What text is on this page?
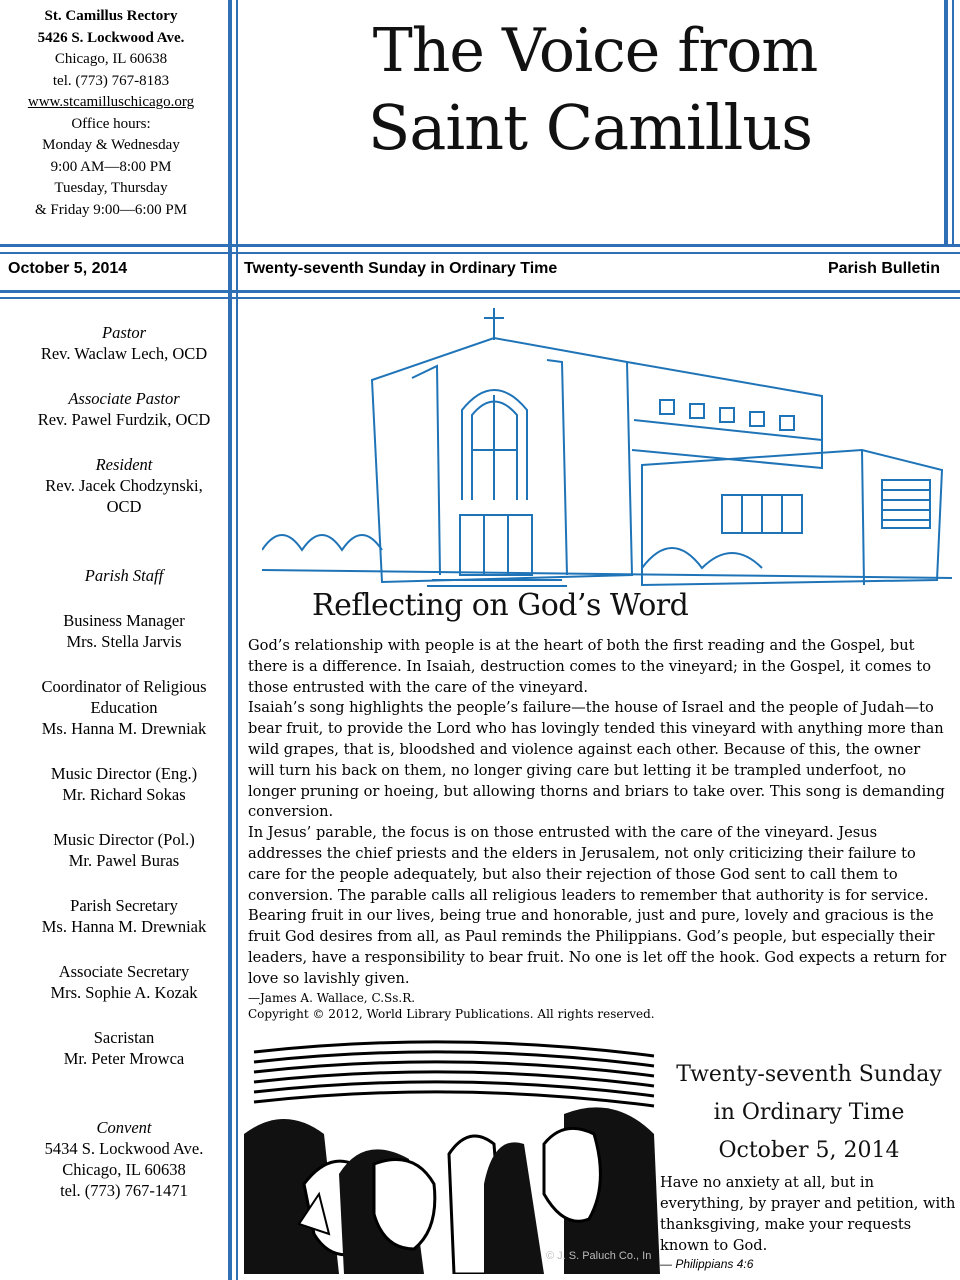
St. Camillus Rectory
5426 S. Lockwood Ave.
Chicago, IL 60638
tel. (773) 767-8183
www.stcamilluschicago.org
Office hours:
Monday & Wednesday
9:00 AM—8:00 PM
Tuesday, Thursday
& Friday 9:00—6:00 PM
The Voice from
Saint Camillus
October 5, 2014	Twenty-seventh Sunday in Ordinary Time	Parish Bulletin
Pastor
Rev. Waclaw Lech, OCD
Associate Pastor
Rev. Pawel Furdzik, OCD
Resident
Rev. Jacek Chodzynski, OCD
Parish Staff
Business Manager
Mrs. Stella Jarvis
Coordinator of Religious Education
Ms. Hanna M. Drewniak
Music Director (Eng.)
Mr. Richard Sokas
Music Director (Pol.)
Mr. Pawel Buras
Parish Secretary
Ms. Hanna M. Drewniak
Associate Secretary
Mrs. Sophie A. Kozak
Sacristan
Mr. Peter Mrowca
Convent
5434 S. Lockwood Ave.
Chicago, IL 60638
tel. (773) 767-1471
Reflecting on God’s Word

God’s relationship with people is at the heart of both the first reading and the Gospel, but there is a difference. In Isaiah, destruction comes to the vineyard; in the Gospel, it comes to those entrusted with the care of the vineyard.

Isaiah’s song highlights the people’s failure—the house of Israel and the people of Judah—to bear fruit, to provide the Lord who has lovingly tended this vineyard with anything more than wild grapes, that is, bloodshed and violence against each other. Because of this, the owner will turn his back on them, no longer giving care but letting it be trampled underfoot, no longer pruning or hoeing, but allowing thorns and briars to take over. This song is demanding conversion.

In Jesus’ parable, the focus is on those entrusted with the care of the vineyard. Jesus addresses the chief priests and the elders in Jerusalem, not only criticizing their failure to care for the people adequately, but also their rejection of those God sent to call them to conversion. The parable calls all religious leaders to remember that authority is for service.

Bearing fruit in our lives, being true and honorable, just and pure, lovely and gracious is the fruit God desires from all, as Paul reminds the Philippians. God’s people, but especially their leaders, have a responsibility to bear fruit. No one is let off the hook. God expects a return for love so lavishly given.

—James A. Wallace, C.Ss.R.

Copyright © 2012, World Library Publications. All rights reserved.

© J. S. Paluch Co., In
Twenty-seventh Sunday
in Ordinary Time
October 5, 2014
Have no anxiety at all, but in everything, by prayer and petition, with thanksgiving, make your requests known to God.
— Philippians 4:6
